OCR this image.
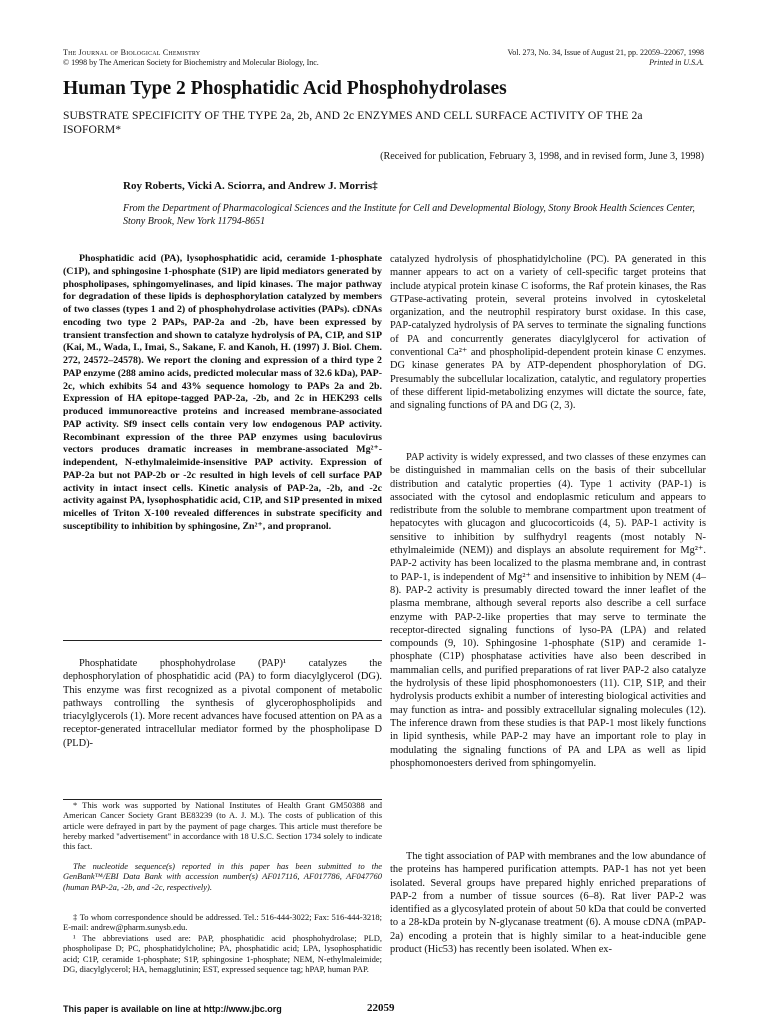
The Journal of Biological Chemistry
© 1998 by The American Society for Biochemistry and Molecular Biology, Inc.
Vol. 273, No. 34, Issue of August 21, pp. 22059–22067, 1998
Printed in U.S.A.
Human Type 2 Phosphatidic Acid Phosphohydrolases
SUBSTRATE SPECIFICITY OF THE TYPE 2a, 2b, AND 2c ENZYMES AND CELL SURFACE ACTIVITY OF THE 2a ISOFORM*
(Received for publication, February 3, 1998, and in revised form, June 3, 1998)
Roy Roberts, Vicki A. Sciorra, and Andrew J. Morris‡
From the Department of Pharmacological Sciences and the Institute for Cell and Developmental Biology, Stony Brook Health Sciences Center, Stony Brook, New York 11794-8651

Phosphatidic acid (PA), lysophosphatidic acid, ceramide 1-phosphate (C1P), and sphingosine 1-phosphate (S1P) are lipid mediators generated by phospholipases, sphingomyelinases, and lipid kinases. The major pathway for degradation of these lipids is dephosphorylation catalyzed by members of two classes (types 1 and 2) of phosphohydrolase activities (PAPs). cDNAs encoding two type 2 PAPs, PAP-2a and -2b, have been expressed by transient transfection and shown to catalyze hydrolysis of PA, C1P, and S1P (Kai, M., Wada, I., Imai, S., Sakane, F. and Kanoh, H. (1997) J. Biol. Chem. 272, 24572–24578). We report the cloning and expression of a third type 2 PAP enzyme (288 amino acids, predicted molecular mass of 32.6 kDa), PAP-2c, which exhibits 54 and 43% sequence homology to PAPs 2a and 2b. Expression of HA epitope-tagged PAP-2a, -2b, and 2c in HEK293 cells produced immunoreactive proteins and increased membrane-associated PAP activity. Sf9 insect cells contain very low endogenous PAP activity. Recombinant expression of the three PAP enzymes using baculovirus vectors produces dramatic increases in membrane-associated Mg²⁺-independent, N-ethylmaleimide-insensitive PAP activity. Expression of PAP-2a but not PAP-2b or -2c resulted in high levels of cell surface PAP activity in intact insect cells. Kinetic analysis of PAP-2a, -2b, and -2c activity against PA, lysophosphatidic acid, C1P, and S1P presented in mixed micelles of Triton X-100 revealed differences in substrate specificity and susceptibility to inhibition by sphingosine, Zn²⁺, and propranol.

Phosphatidate phosphohydrolase (PAP)¹ catalyzes the dephosphorylation of phosphatidic acid (PA) to form diacylglycerol (DG). This enzyme was first recognized as a pivotal component of metabolic pathways controlling the synthesis of glycerophospholipids and triacylglycerols (1). More recent advances have focused attention on PA as a receptor-generated intracellular mediator formed by the phospholipase D (PLD)-

* This work was supported by National Institutes of Health Grant GM50388 and American Cancer Society Grant BE83239 (to A. J. M.). The costs of publication of this article were defrayed in part by the payment of page charges. This article must therefore be hereby marked "advertisement" in accordance with 18 U.S.C. Section 1734 solely to indicate this fact.

The nucleotide sequence(s) reported in this paper has been submitted to the GenBank™/EBI Data Bank with accession number(s) AF017116, AF017786, AF047760 (human PAP-2a, -2b, and -2c, respectively).

‡ To whom correspondence should be addressed. Tel.: 516-444-3022; Fax: 516-444-3218; E-mail: andrew@pharm.sunysb.edu.

¹ The abbreviations used are: PAP, phosphatidic acid phosphohydrolase; PLD, phospholipase D; PC, phosphatidylcholine; PA, phosphatidic acid; LPA, lysophosphatidic acid; C1P, ceramide 1-phosphate; S1P, sphingosine 1-phosphate; NEM, N-ethylmaleimide; DG, diacylglycerol; HA, hemagglutinin; EST, expressed sequence tag; hPAP, human PAP.

catalyzed hydrolysis of phosphatidylcholine (PC). PA generated in this manner appears to act on a variety of cell-specific target proteins that include atypical protein kinase C isoforms, the Raf protein kinases, the Ras GTPase-activating protein, several proteins involved in cytoskeletal organization, and the neutrophil respiratory burst oxidase. In this case, PAP-catalyzed hydrolysis of PA serves to terminate the signaling functions of PA and concurrently generates diacylglycerol for activation of conventional Ca²⁺ and phospholipid-dependent protein kinase C enzymes. DG kinase generates PA by ATP-dependent phosphorylation of DG. Presumably the subcellular localization, catalytic, and regulatory properties of these different lipid-metabolizing enzymes will dictate the source, fate, and signaling functions of PA and DG (2, 3).

PAP activity is widely expressed, and two classes of these enzymes can be distinguished in mammalian cells on the basis of their subcellular distribution and catalytic properties (4). Type 1 activity (PAP-1) is associated with the cytosol and endoplasmic reticulum and appears to redistribute from the soluble to membrane compartment upon treatment of hepatocytes with glucagon and glucocorticoids (4, 5). PAP-1 activity is sensitive to inhibition by sulfhydryl reagents (most notably N-ethylmaleimide (NEM)) and displays an absolute requirement for Mg²⁺. PAP-2 activity has been localized to the plasma membrane and, in contrast to PAP-1, is independent of Mg²⁺ and insensitive to inhibition by NEM (4–8). PAP-2 activity is presumably directed toward the inner leaflet of the plasma membrane, although several reports also describe a cell surface enzyme with PAP-2-like properties that may serve to terminate the receptor-directed signaling functions of lyso-PA (LPA) and related compounds (9, 10). Sphingosine 1-phosphate (S1P) and ceramide 1-phosphate (C1P) phosphatase activities have also been described in mammalian cells, and purified preparations of rat liver PAP-2 also catalyze the hydrolysis of these lipid phosphomonoesters (11). C1P, S1P, and their hydrolysis products exhibit a number of interesting biological activities and may function as intra- and possibly extracellular signaling molecules (12). The inference drawn from these studies is that PAP-1 most likely functions in lipid synthesis, while PAP-2 may have an important role to play in modulating the signaling functions of PA and LPA as well as lipid phosphomonoesters derived from sphingomyelin.

The tight association of PAP with membranes and the low abundance of the proteins has hampered purification attempts. PAP-1 has not yet been isolated. Several groups have prepared highly enriched preparations of PAP-2 from a number of tissue sources (6–8). Rat liver PAP-2 was identified as a glycosylated protein of about 50 kDa that could be converted to a 28-kDa protein by N-glycanase treatment (6). A mouse cDNA (mPAP-2a) encoding a protein that is highly similar to a heat-inducible gene product (Hic53) has recently been isolated. When ex-

This paper is available on line at http://www.jbc.org	22059
